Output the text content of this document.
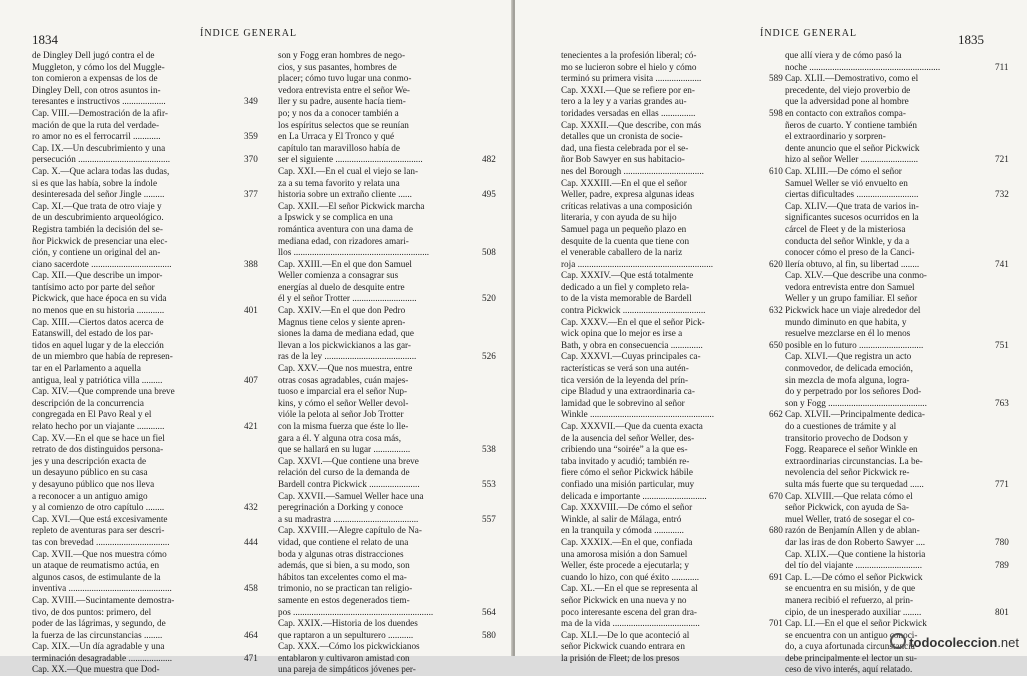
1834	ÍNDICE GENERAL
de Dingley Dell jugó contra el de
Muggleton, y cómo los del Muggle-
ton comieron a expensas de los de
Dingley Dell, con otros asuntos in-
teresantes e instructivos ...................	349
Cap. VIII.—Demostración de la afir-
mación de que la ruta del verdade-
ro amor no es el ferrocarril ............	359
Cap. IX.—Un descubrimiento y una
persecución ........................................	370
Cap. X.—Que aclara todas las dudas,
si es que las había, sobre la índole
desinteresada del señor Jingle .........	377
Cap. XI.—Que trata de otro viaje y
de un descubrimiento arqueológico.
Registra también la decisión del se-
ñor Pickwick de presenciar una elec-
ción, y contiene un original del an-
ciano sacerdote ...................................	388
Cap. XII.—Que describe un impor-
tantísimo acto por parte del señor
Pickwick, que hace época en su vida
no menos que en su historia ............	401
Cap. XIII.—Ciertos datos acerca de
Eatanswill, del estado de los par-
tidos en aquel lugar y de la elección
de un miembro que había de represen-
tar en el Parlamento a aquella
antigua, leal y patriótica villa .........	407
Cap. XIV.—Que comprende una breve
descripción de la concurrencia
congregada en El Pavo Real y el
relato hecho por un viajante ............	421
Cap. XV.—En el que se hace un fiel
retrato de dos distinguidos persona-
jes y una descripción exacta de
un desayuno público en su casa
y desayuno público que nos lleva
a reconocer a un antiguo amigo
y al comienzo de otro capítulo ........	432
Cap. XVI.—Que está excesivamente
repleto de aventuras para ser descri-
tas con brevedad ................................	444
Cap. XVII.—Que nos muestra cómo
un ataque de reumatismo actúa, en
algunos casos, de estimulante de la
inventiva .............................................	458
Cap. XVIII.—Sucintamente demostra-
tivo, de dos puntos: primero, del
poder de las lágrimas, y segundo, de
la fuerza de las circunstancias ........	464
Cap. XIX.—Un día agradable y una
terminación desagradable ...................	471
Cap. XX.—Que muestra que Dod-
son y Fogg eran hombres de nego-
cios, y sus pasantes, hombres de
placer; cómo tuvo lugar una conmo-
vedora entrevista entre el señor We-
ller y su padre, ausente hacía tiem-
po; y nos da a conocer también a
los espíritus selectos que se reunían
en La Urraca y El Tronco y qué
capítulo tan maravilloso había de
ser el siguiente ......................................	482
Cap. XXI.—En el cual el viejo se lan-
za a su tema favorito y relata una
historia sobre un extraño cliente ......	495
Cap. XXII.—El señor Pickwick marcha
a Ipswick y se complica en una
romántica aventura con una dama de
mediana edad, con rizadores amari-
llos ...........................................................	508
Cap. XXIII.—En el que don Samuel
Weller comienza a consagrar sus
energías al duelo de desquite entre
él y el señor Trotter ............................	520
Cap. XXIV.—En el que don Pedro
Magnus tiene celos y siente apren-
siones la dama de mediana edad, que
llevan a los pickwickianos a las gar-
ras de la ley ........................................	526
Cap. XXV.—Que nos muestra, entre
otras cosas agradables, cuán majes-
tuoso e imparcial era el señor Nup-
kins, y cómo el señor Weller devol-
vióle la pelota al señor Job Trotter
con la misma fuerza que éste lo lle-
gara a él. Y alguna otra cosa más,
que se hallará en su lugar ................	538
Cap. XXVI.—Que contiene una breve
relación del curso de la demanda de
Bardell contra Pickwick ......................	553
Cap. XXVII.—Samuel Weller hace una
peregrinación a Dorking y conoce
a su madrastra .....................................	557
Cap. XXVIII.—Alegre capítulo de Na-
vidad, que contiene el relato de una
boda y algunas otras distracciones
además, que si bien, a su modo, son
hábitos tan excelentes como el ma-
trimonio, no se practican tan religio-
samente en estos degenerados tiem-
pos .............................................................	564
Cap. XXIX.—Historia de los duendes
que raptaron a un sepulturero ...........	580
Cap. XXX.—Cómo los pickwickianos
entablaron y cultivaron amistad con
una pareja de simpáticos jóvenes per-
ÍNDICE GENERAL	1835
tenecientes a la profesión liberal; có-
mo se lucieron sobre el hielo y cómo
terminó su primera visita ....................	589
Cap. XXXI.—Que se refiere por en-
tero a la ley y a varias grandes au-
toridades versadas en ellas ...............	598
Cap. XXXII.—Que describe, con más
detalles que un cronista de socie-
dad, una fiesta celebrada por el se-
ñor Bob Sawyer en sus habitacio-
nes del Borough ...................................	610
Cap. XXXIII.—En el que el señor
Weller, padre, expresa algunas ideas
críticas relativas a una composición
literaria, y con ayuda de su hijo
Samuel paga un pequeño plazo en
desquite de la cuenta que tiene con
el venerable caballero de la nariz
roja ...........................................................	620
Cap. XXXIV.—Que está totalmente
dedicado a un fiel y completo rela-
to de la vista memorable de Bardell
contra Pickwick ....................................	632
Cap. XXXV.—En el que el señor Pick-
wick opina que lo mejor es irse a
Bath, y obra en consecuencia ..............	650
Cap. XXXVI.—Cuyas principales ca-
racterísticas se verá son una autén-
tica versión de la leyenda del prín-
cipe Bladud y una extraordinaria ca-
lamidad que le sobrevino al señor
Winkle ......................................................	662
Cap. XXXVII.—Que da cuenta exacta
de la ausencia del señor Weller, des-
cribiendo una “soirée” a la que es-
taba invitado y acudió; también re-
fiere cómo el señor Pickwick hábile
confiado una misión particular, muy
delicada e importante ............................	670
Cap. XXXVIII.—De cómo el señor
Winkle, al salir de Málaga, entró
en la tranquila y cómoda .............	680
Cap. XXXIX.—En el que, confiada
una amorosa misión a don Samuel
Weller, éste procede a ejecutarla; y
cuando lo hizo, con qué éxito ............	691
Cap. XL.—En el que se representa al
señor Pickwick en una nueva y no
poco interesante escena del gran dra-
ma de la vida ......................................	701
Cap. XLI.—De lo que aconteció al
señor Pickwick cuando entrara en
la prisión de Fleet; de los presos
que allí viera y de cómo pasó la
noche .........................................................	711
Cap. XLII.—Demostrativo, como el
precedente, del viejo proverbio de
que la adversidad pone al hombre
en contacto con extraños compa-
ñeros de cuarto. Y contiene también
el extraordinario y sorpren-
dente anuncio que el señor Pickwick
hizo al señor Weller .........................	721
Cap. XLIII.—De cómo el señor
Samuel Weller se vió envuelto en
ciertas dificultades ...........................	732
Cap. XLIV.—Que trata de varios in-
significantes sucesos ocurridos en la
cárcel de Fleet y de la misteriosa
conducta del señor Winkle, y da a
conocer cómo el preso de la Canci-
llería obtuvo, al fin, su libertad ........	741
Cap. XLV.—Que describe una conmo-
vedora entrevista entre don Samuel
Weller y un grupo familiar. El señor
Pickwick hace un viaje alrededor del
mundo diminuto en que habita, y
resuelve mezclarse en él lo menos
posible en lo futuro ............................	751
Cap. XLVI.—Que registra un acto
conmovedor, de delicada emoción,
sin mezcla de mofa alguna, logra-
do y perpetrado por los señores Dod-
son y Fogg ...........................................	763
Cap. XLVII.—Principalmente dedica-
do a cuestiones de trámite y al
transitorio provecho de Dodson y
Fogg. Reaparece el señor Winkle en
extraordinarias circunstancias. La be-
nevolencia del señor Pickwick re-
sulta más fuerte que su terquedad ......	771
Cap. XLVIII.—Que relata cómo el
señor Pickwick, con ayuda de Sa-
muel Weller, trató de sosegar el co-
razón de Benjamín Allen y de ablan-
dar las iras de don Roberto Sawyer ....	780
Cap. XLIX.—Que contiene la historia
del tío del viajante .............................	789
Cap. L.—De cómo el señor Pickwick
se encuentra en su misión, y de que
manera recibió el refuerzo, al prin-
cipio, de un inesperado auxiliar ........	801
Cap. LI.—En el que el señor Pickwick
se encuentra con un antiguo conoci-
do, a cuya afortunada circunstancia
debe principalmente el lector un su-
ceso de vivo interés, aquí relatado.
todocoleccion.net
